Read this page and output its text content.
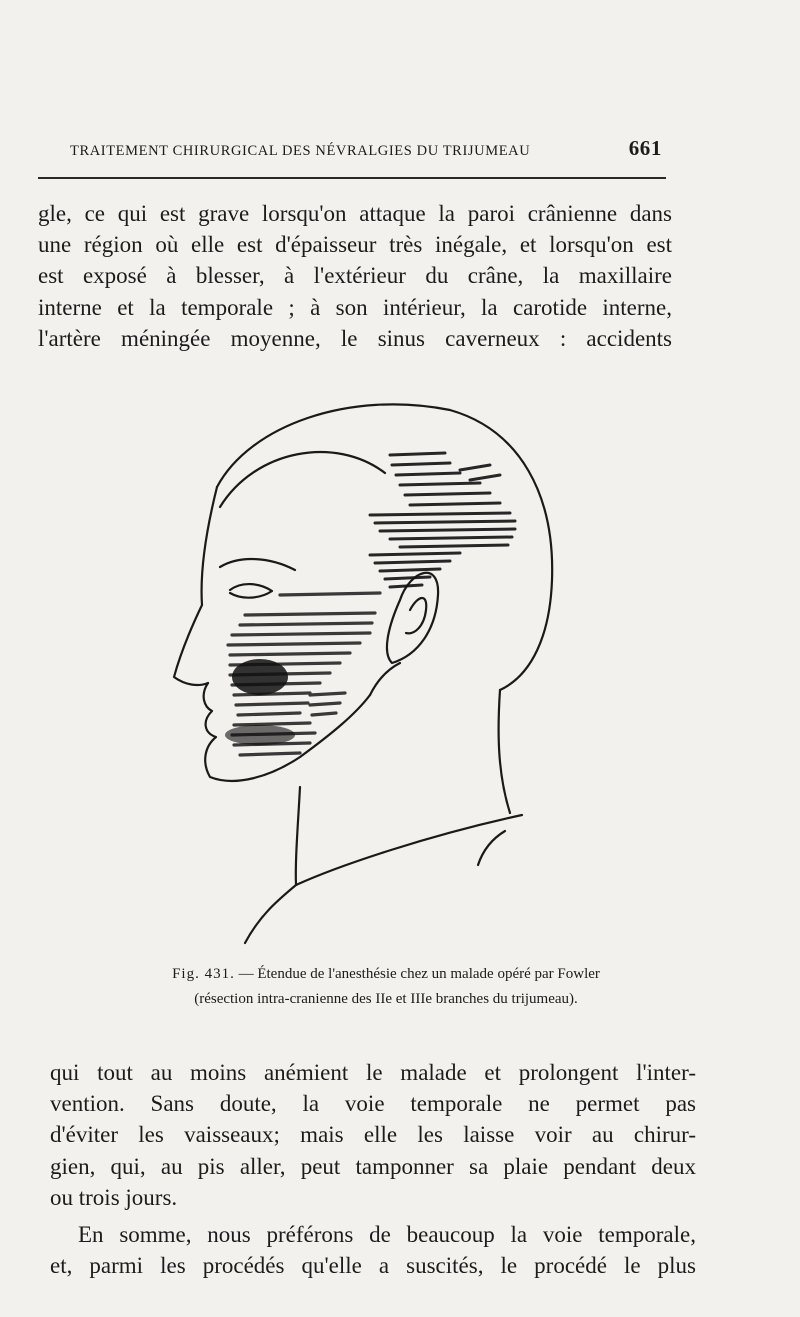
TRAITEMENT CHIRURGICAL DES NÉVRALGIES DU TRIJUMEAU	661
gle, ce qui est grave lorsqu'on attaque la paroi crânienne dans
une région où elle est d'épaisseur très inégale, et lorsqu'on est
est exposé à blesser, à l'extérieur du crâne, la maxillaire
interne et la temporale ; à son intérieur, la carotide interne,
l'artère méningée moyenne, le sinus caverneux : accidents
Fig. 431. — Étendue de l'anesthésie chez un malade opéré par Fowler
(résection intra-cranienne des IIe et IIIe branches du trijumeau).
qui tout au moins anémient le malade et prolongent l'inter-
vention. Sans doute, la voie temporale ne permet pas
d'éviter les vaisseaux; mais elle les laisse voir au chirur-
gien, qui, au pis aller, peut tamponner sa plaie pendant deux
ou trois jours.
En somme, nous préférons de beaucoup la voie temporale,
et, parmi les procédés qu'elle a suscités, le procédé le plus
